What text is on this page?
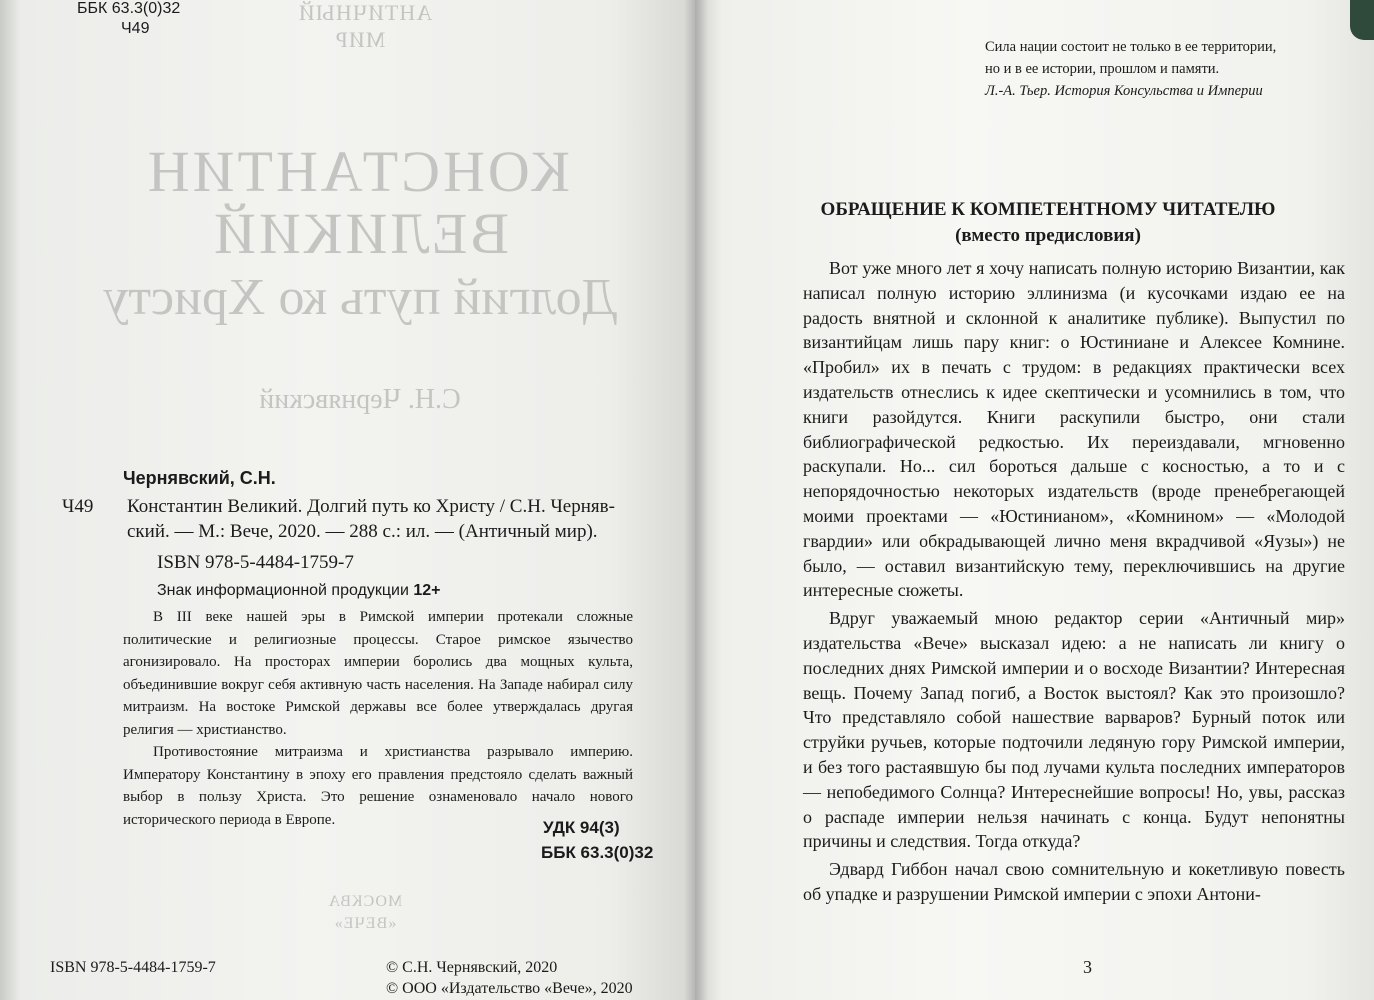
ББК 63.3(0)32
Ч49
АНТИЧНЫЙ
МИР
КОНСТАНТИН
ВЕЛИКИЙ
Долгий путь ко Христу
С.Н. Чернявский
Чернявский, С.Н.
Ч49 Константин Великий. Долгий путь ко Христу / С.Н. Черняв-
ский. — М.: Вече, 2020. — 288 с.: ил. — (Античный мир).
ISBN 978-5-4484-1759-7
Знак информационной продукции 12+

В III веке нашей эры в Римской империи протекали сложные политические и религиозные процессы. Старое римское язычество агонизировало. На просторах империи боролись два мощных культа, объединившие вокруг себя активную часть населения. На Западе набирал силу митраизм. На востоке Римской державы все более утверждалась другая религия — христианство.

Противостояние митраизма и христианства разрывало империю. Императору Константину в эпоху его правления предстояло сделать важный выбор в пользу Христа. Это решение ознаменовало начало нового исторического периода в Европе.	УДК 94(3)
ББК 63.3(0)32
МОСКВА
«ВЕЧЕ»
ISBN 978-5-4484-1759-7	© С.Н. Чернявский, 2020
© ООО «Издательство «Вече», 2020
Сила нации состоит не только в ее территории,
но и в ее истории, прошлом и памяти.
Л.-А. Тьер. История Консульства и Империи
ОБРАЩЕНИЕ К КОМПЕТЕНТНОМУ ЧИТАТЕЛЮ
(вместо предисловия)

Вот уже много лет я хочу написать полную историю Византии, как написал полную историю эллинизма (и кусочками издаю ее на радость внятной и склонной к аналитике публике). Выпустил по византийцам лишь пару книг: о Юстиниане и Алексее Комнине. «Пробил» их в печать с трудом: в редакциях практически всех издательств отнеслись к идее скептически и усомнились в том, что книги разойдутся. Книги раскупили быстро, они стали библиографической редкостью. Их переиздавали, мгновенно раскупали. Но... сил бороться дальше с косностью, а то и с непорядочностью некоторых издательств (вроде пренебрегающей моими проектами — «Юстинианом», «Комнином» — «Молодой гвардии» или обкрадывающей лично меня вкрадчивой «Яузы») не было, — оставил византийскую тему, переключившись на другие интересные сюжеты.

Вдруг уважаемый мною редактор серии «Античный мир» издательства «Вече» высказал идею: а не написать ли книгу о последних днях Римской империи и о восходе Византии? Интересная вещь. Почему Запад погиб, а Восток выстоял? Как это произошло? Что представляло собой нашествие варваров? Бурный поток или струйки ручьев, которые подточили ледяную гору Римской империи, и без того растаявшую бы под лучами культа последних императоров — непобедимого Солнца? Интереснейшие вопросы! Но, увы, рассказ о распаде империи нельзя начинать с конца. Будут непонятны причины и следствия. Тогда откуда?

Эдвард Гиббон начал свою сомнительную и кокетливую повесть об упадке и разрушении Римской империи с эпохи Антони-

3
